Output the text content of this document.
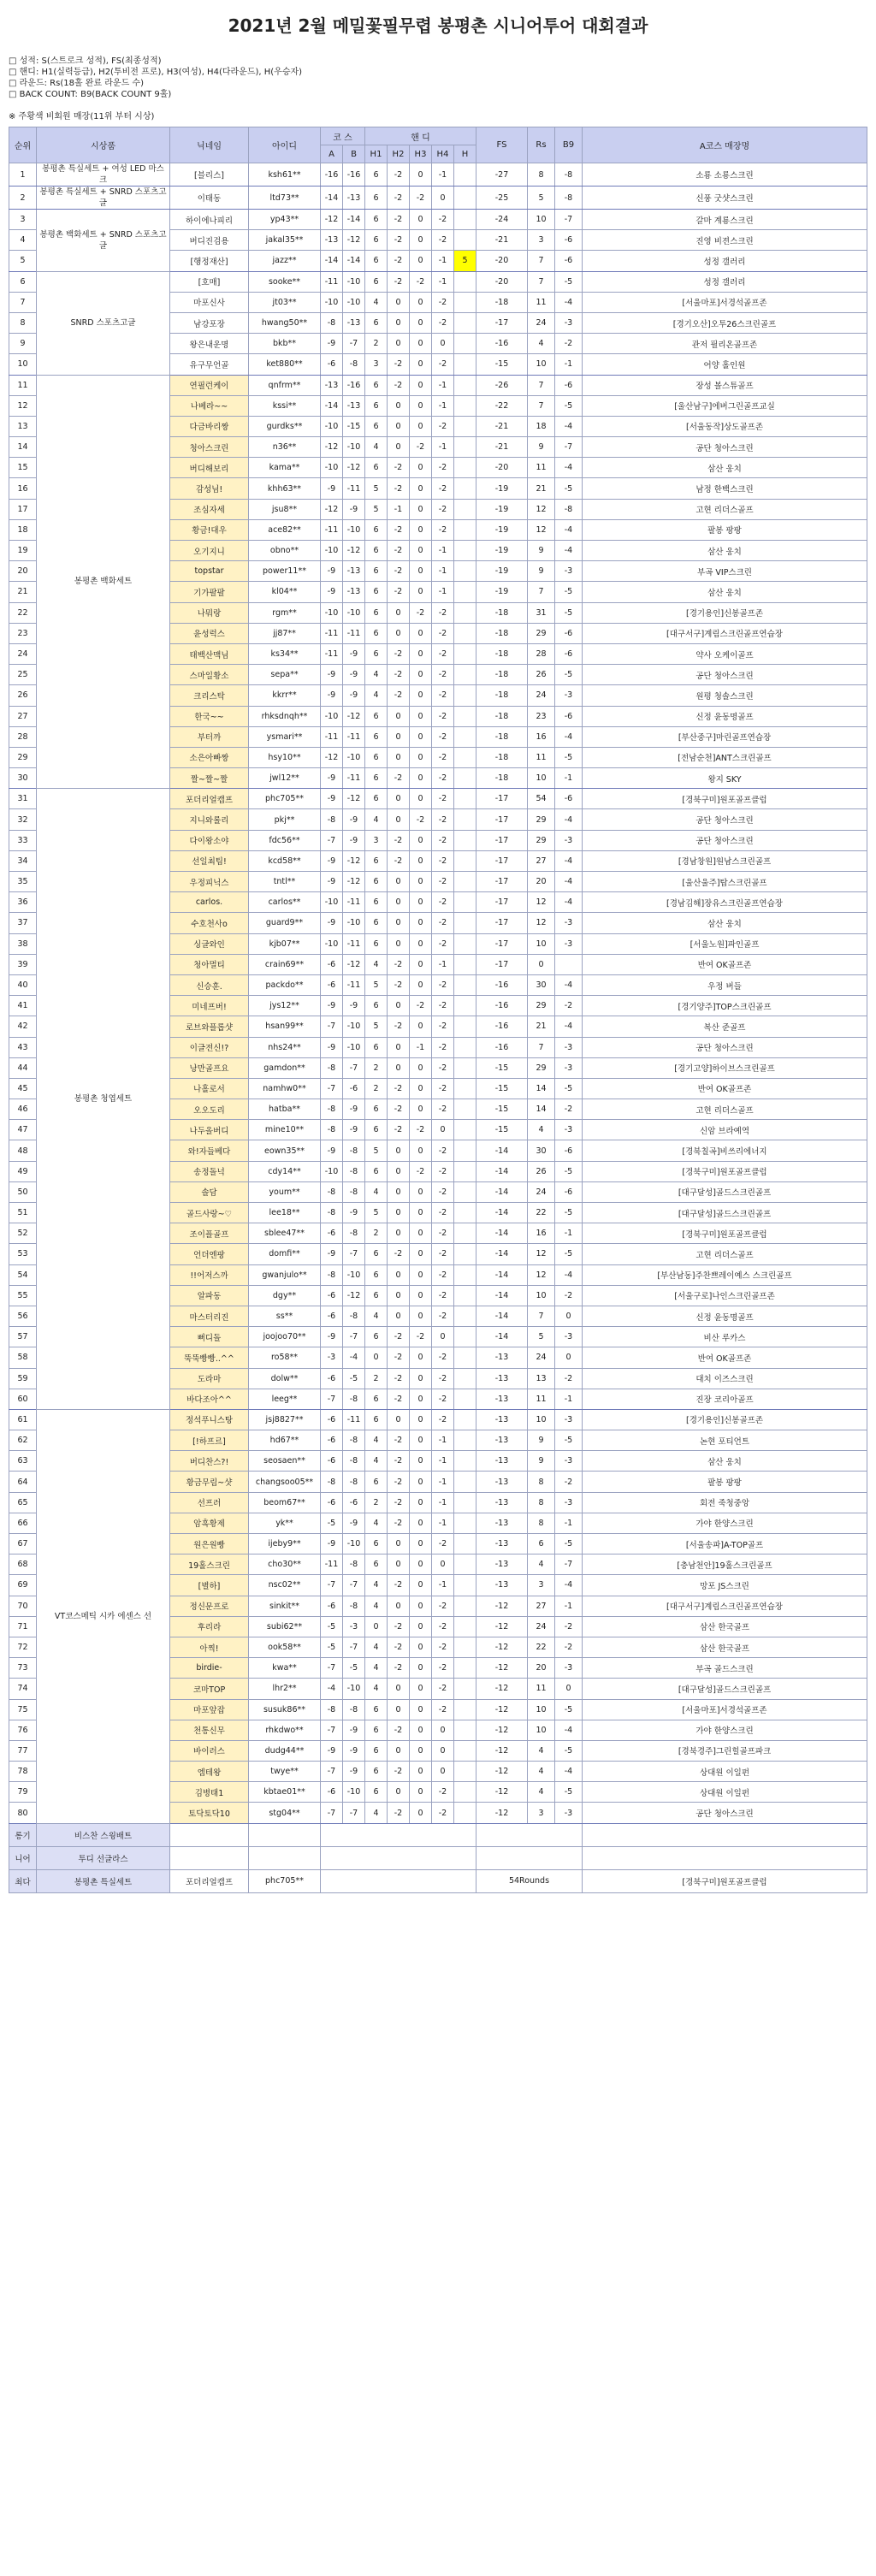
2021년 2월 메밀꽃필무렵 봉평촌 시니어투어 대회결과
□ 성적: S(스트로크 성적), FS(최종성적)
□ 핸디: H1(실력등급), H2(투비전 프로), H3(여성), H4(다라운드), H(우승자)
□ 라운드: Rs(18홀 완료 라운드 수)
□ BACK COUNT: B9(BACK COUNT 9홀)
※ 주황색 비회원 매장(11위 부터 시상)
순위	시상품	닉네임	아이디	코 스		핸 디					FS	Rs	B9	A코스 매장명
				A	B	H1	H2	H3	H4	H				
1	봉평촌 특실세트 + 여성 LED 마스크	[블리스]	ksh61**	-16	-16	6	-2	0	-1		-27	8	-8	소룡 소룡스크린
2	봉평촌 특실세트 + SNRD 스포츠고글	이태동	ltd73**	-14	-13	6	-2	-2	0		-25	5	-8	신풍 굿샷스크린
3	봉평촌 백화세트 + SNRD 스포츠고글	하이에나피리	yp43**	-12	-14	6	-2	0	-2		-24	10	-7	갈마 계룡스크린
4		버디진검용	jakal35**	-13	-12	6	-2	0	-2		-21	3	-6	진영 비젼스크린
5		[행정재산]	jazz**	-14	-14	6	-2	0	-1	5	-20	7	-6	성정 갤러리
6	SNRD 스포츠고글	[호매]	sooke**	-11	-10	6	-2	-2	-1		-20	7	-5	성정 갤러리
7		마포신사	jt03**	-10	-10	4	0	0	-2		-18	11	-4	[서울마포]서경석골프존
8		남강포장	hwang50**	-8	-13	6	0	0	-2		-17	24	-3	[경기오산]오투26스크린골프
9		왕은내운명	bkb**	-9	-7	2	0	0	0		-16	4	-2	관저 필리온골프존
10		유구무언골	ket880**	-6	-8	3	-2	0	-2		-15	10	-1	어양 홀인원
11	봉평촌 백화세트	연필런케이	qnfrm**	-13	-16	6	-2	0	-1		-26	7	-6	장성 볼스튜골프
12		나베라~~	kssi**	-14	-13	6	0	0	-1		-22	7	-5	[울산남구]에버그린골프교실
13		다금바리짱	gurdks**	-10	-15	6	0	0	-2		-21	18	-4	[서울동작]상도골프존
14		청아스크린	n36**	-12	-10	4	0	-2	-1		-21	9	-7	공단 청아스크린
15		버디해보리	kama**	-10	-12	6	-2	0	-2		-20	11	-4	삼산 웅치
16		감성님!	khh63**	-9	-11	5	-2	0	-2		-19	21	-5	남정 한백스크린
17		조심자세	jsu8**	-12	-9	5	-1	0	-2		-19	12	-8	고현 리더스골프
18		황금!대우	ace82**	-11	-10	6	-2	0	-2		-19	12	-4	팔봉 팡팡
19		오기지니	obno**	-10	-12	6	-2	0	-1		-19	9	-4	삼산 웅치
20		topstar	power11**	-9	-13	6	-2	0	-1		-19	9	-3	부곡 VIP스크린
21		기가팔팔	kl04**	-9	-13	6	-2	0	-1		-19	7	-5	삼산 웅치
22		나뭐랑	rgm**	-10	-10	6	0	-2	-2		-18	31	-5	[경기용인]신봉골프존
23		윤성럭스	jj87**	-11	-11	6	0	0	-2		-18	29	-6	[대구서구]계림스크린골프연습장
24		태백산맥님	ks34**	-11	-9	6	-2	0	-2		-18	28	-6	약사 오케이골프
25		스마일황소	sepa**	-9	-9	4	-2	0	-2		-18	26	-5	공단 청아스크린
26		크리스탁	kkrr**	-9	-9	4	-2	0	-2		-18	24	-3	원평 청솔스크린
27		한국~~	rhksdnqh**	-10	-12	6	0	0	-2		-18	23	-6	신정 윤동명골프
28		부터까	ysmari**	-11	-11	6	0	0	-2		-18	16	-4	[부산중구]마린골프연습장
29		소은아빠짱	hsy10**	-12	-10	6	0	0	-2		-18	11	-5	[전남순천]ANT스크린골프
30		짤~짤~짤	jwl12**	-9	-11	6	-2	0	-2		-18	10	-1	왕지 SKY
31	봉평촌 청엽세트	포더리얼캡프	phc705**	-9	-12	6	0	0	-2		-17	54	-6	[경북구미]원포골프클럽
32		지니와롤리	pkj**	-8	-9	4	0	-2	-2		-17	29	-4	공단 청아스크린
33		다이왕소야	fdc56**	-7	-9	3	-2	0	-2		-17	29	-3	공단 청아스크린
34		선일최팀!	kcd58**	-9	-12	6	-2	0	-2		-17	27	-4	[경남창원]원남스크린골프
35		우정피닉스	tntl**	-9	-12	6	0	0	-2		-17	20	-4	[울산울주]탑스크린골프
36		carlos.	carlos**	-10	-11	6	0	0	-2		-17	12	-4	[경남김해]장유스크린골프연습장
37		수호천사o	guard9**	-9	-10	6	0	0	-2		-17	12	-3	삼산 웅치
38		싱글와인	kjb07**	-10	-11	6	0	0	-2		-17	10	-3	[서울노원]파인골프
39		청아멀티	crain69**	-6	-12	4	-2	0	-1		-17	0		반여 OK골프존
40		신승훈.	packdo**	-6	-11	5	-2	0	-2		-16	30	-4	우정 버들
41		미네프버!	jys12**	-9	-9	6	0	-2	-2		-16	29	-2	[경기양주]TOP스크린골프
42		로브와플롭샷	hsan99**	-7	-10	5	-2	0	-2		-16	21	-4	복산 준골프
43		이글전신!?	nhs24**	-9	-10	6	0	-1	-2		-16	7	-3	공단 청아스크린
44		낭만골프요	gamdon**	-8	-7	2	0	0	-2		-15	29	-3	[경기고양]하이브스크린골프
45		나홀로서	namhw0**	-7	-6	2	-2	0	-2		-15	14	-5	반여 OK골프존
46		오오도리	hatba**	-8	-9	6	-2	0	-2		-15	14	-2	고현 리더스골프
47		나두올버디	mine10**	-8	-9	6	-2	-2	0		-15	4	-3	신암 브라예역
48		와!자들베다	eown35**	-9	-8	5	0	0	-2		-14	30	-6	[경북칠곡]비쓰리에너지
49		송정돌넉	cdy14**	-10	-8	6	0	-2	-2		-14	26	-5	[경북구미]원포골프클럽
50		솔담	youm**	-8	-8	4	0	0	-2		-14	24	-6	[대구달성]골드스크린골프
51		골드사랑~♡	lee18**	-8	-9	5	0	0	-2		-14	22	-5	[대구달성]골드스크린골프
52		조이플골프	sblee47**	-6	-8	2	0	0	-2		-14	16	-1	[경북구미]원포골프클럽
53		언더엔팡	domfi**	-9	-7	6	-2	0	-2		-14	12	-5	고현 리더스골프
54		!!어저스까	gwanjulo**	-8	-10	6	0	0	-2		-14	12	-4	[부산남동]주찬쁘레이예스 스크린골프
55		알파동	dgy**	-6	-12	6	0	0	-2		-14	10	-2	[서울구로]나인스크린골프존
56		마스터리진	ss**	-6	-8	4	0	0	-2		-14	7	0	신정 윤동명골프
57		뻐디돌	joojoo70**	-9	-7	6	-2	-2	0		-14	5	-3	비산 루카스
58		뚝뚝빵빵..^^	ro58**	-3	-4	0	-2	0	-2		-13	24	0	반여 OK골프존
59		도라마	dolw**	-6	-5	2	-2	0	-2		-13	13	-2	대치 이즈스크린
60		바다조아^^	leeg**	-7	-8	6	-2	0	-2		-13	11	-1	진장 코리아골프
61	VT코스메틱 시카 에센스 선	정석푸니스탕	jsj8827**	-6	-11	6	0	0	-2		-13	10	-3	[경기용인]신봉골프존
62		[!하프르]	hd67**	-6	-8	4	-2	0	-1		-13	9	-5	논현 포티언트
63		버디찬스?!	seosaen**	-6	-8	4	-2	0	-1		-13	9	-3	삼산 웅치
64		황금무림~샷	changsoo05**	-8	-8	6	-2	0	-1		-13	8	-2	팔봉 팡팡
65		선프러	beom67**	-6	-6	2	-2	0	-1		-13	8	-3	회전 죽청중앙
66		암흑황제	yk**	-5	-9	4	-2	0	-1		-13	8	-1	가야 한양스크린
67		원은원빵	ijeby9**	-9	-10	6	0	0	-2		-13	6	-5	[서울송파]A-TOP골프
68		19홀스크린	cho30**	-11	-8	6	0	0	0		-13	4	-7	[충남천안]19홀스크린골프
69		[별하]	nsc02**	-7	-7	4	-2	0	-1		-13	3	-4	망포 JS스크린
70		정신문프로	sinkit**	-6	-8	4	0	0	-2		-12	27	-1	[대구서구]계림스크린골프연습장
71		후리라	subi62**	-5	-3	0	-2	0	-2		-12	24	-2	삼산 한국골프
72		아찍!	ook58**	-5	-7	4	-2	0	-2		-12	22	-2	삼산 한국골프
73		birdie-	kwa**	-7	-5	4	-2	0	-2		-12	20	-3	부곡 골드스크린
74		코마TOP	lhr2**	-4	-10	4	0	0	-2		-12	11	0	[대구달성]골드스크린골프
75		마포앞잡	susuk86**	-8	-8	6	0	0	-2		-12	10	-5	[서울마포]서경석골프존
76		천통신무	rhkdwo**	-7	-9	6	-2	0	0		-12	10	-4	가야 한양스크린
77		바이러스	dudg44**	-9	-9	6	0	0	0		-12	4	-5	[경북경주]그린힐골프파크
78		엠테왕	twye**	-7	-9	6	-2	0	0		-12	4	-4	상대원 이일펀
79		김병태1	kbtae01**	-6	-10	6	0	0	-2		-12	4	-5	상대원 이일펀
80		토닥토닥10	stg04**	-7	-7	4	-2	0	-2		-12	3	-3	공단 청아스크린
롱기	비스찬 스윙배트													
니어	투디 선글라스													
최다	봉평촌 특실세트	포더리얼캡프	phc705**								54Rounds			[경북구미]원포골프클럽
